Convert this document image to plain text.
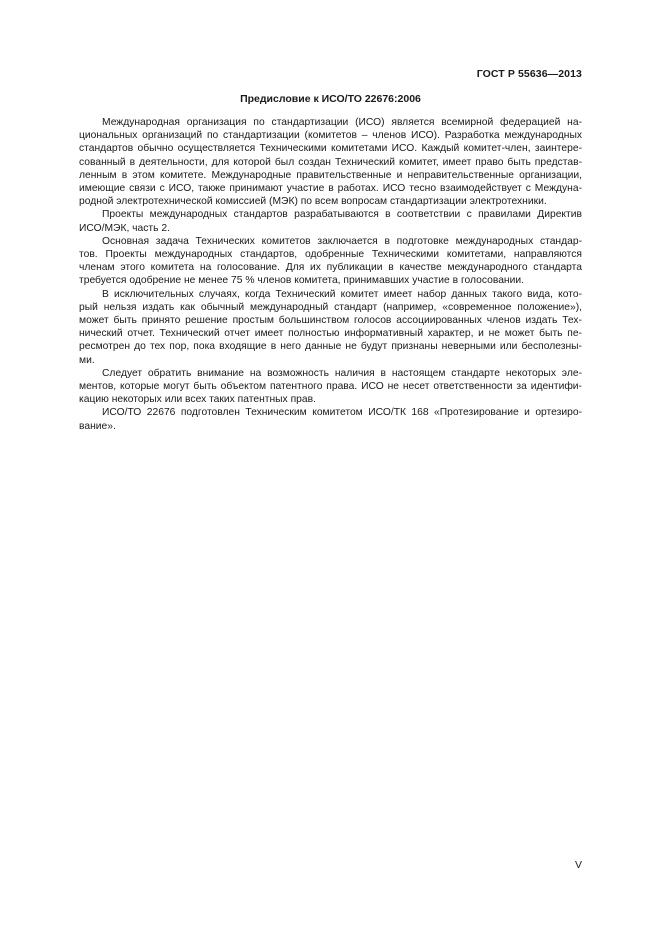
ГОСТ Р 55636—2013
Предисловие к ИСО/ТО 22676:2006

Международная организация по стандартизации (ИСО) является всемирной федерацией на-
циональных организаций по стандартизации (комитетов – членов ИСО). Разработка международных
стандартов обычно осуществляется Техническими комитетами ИСО. Каждый комитет-член, заинтере-
сованный в деятельности, для которой был создан Технический комитет, имеет право быть представ-
ленным в этом комитете. Международные правительственные и неправительственные организации,
имеющие связи с ИСО, также принимают участие в работах. ИСО тесно взаимодействует с Междуна-
родной электротехнической комиссией (МЭК) по всем вопросам стандартизации электротехники.

Проекты международных стандартов разрабатываются в соответствии с правилами Директив
ИСО/МЭК, часть 2.

Основная задача Технических комитетов заключается в подготовке международных стандар-
тов. Проекты международных стандартов, одобренные Техническими комитетами, направляются
членам этого комитета на голосование. Для их публикации в качестве международного стандарта
требуется одобрение не менее 75 % членов комитета, принимавших участие в голосовании.

В исключительных случаях, когда Технический комитет имеет набор данных такого вида, кото-
рый нельзя издать как обычный международный стандарт (например, «современное положение»),
может быть принято решение простым большинством голосов ассоциированных членов издать Тех-
нический отчет. Технический отчет имеет полностью информативный характер, и не может быть пе-
ресмотрен до тех пор, пока входящие в него данные не будут признаны неверными или бесполезны-
ми.

Следует обратить внимание на возможность наличия в настоящем стандарте некоторых эле-
ментов, которые могут быть объектом патентного права. ИСО не несет ответственности за идентифи-
кацию некоторых или всех таких патентных прав.

ИСО/ТО 22676 подготовлен Техническим комитетом ИСО/ТК 168 «Протезирование и ортезиро-
вание».

V
